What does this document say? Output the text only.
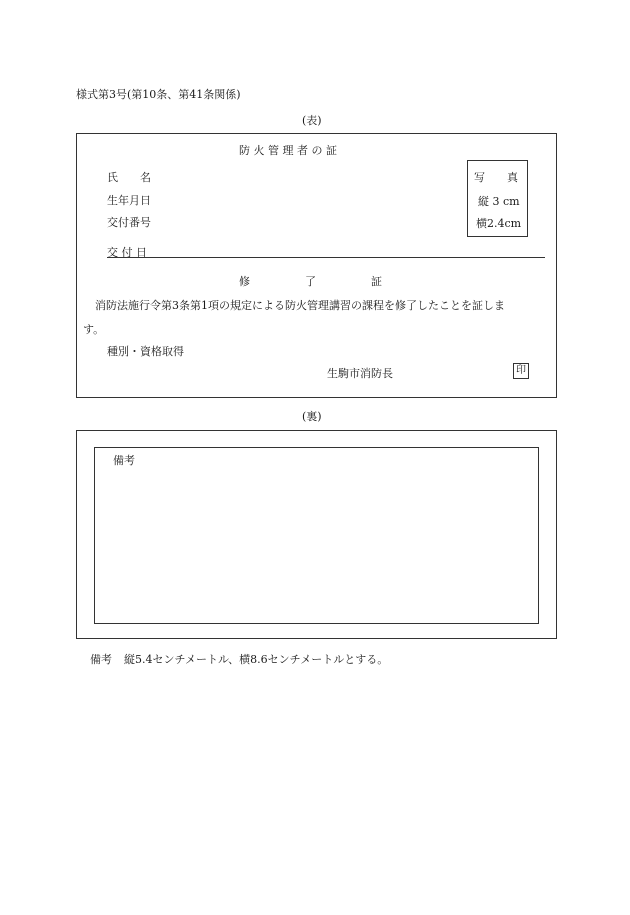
様式第3号(第10条、第41条関係)
(表)
防 火 管 理 者 の 証
氏　　名
生年月日
交付番号
写　　真
縦 3 cm
横2.4cm
交 付 日
修　　　　　了　　　　　証
消防法施行令第3条第1項の規定による防火管理講習の課程を修了したことを証しま
す。
種別・資格取得
生駒市消防長	印
(裏)
備考
備考 縦5.4センチメートル、横8.6センチメートルとする。
